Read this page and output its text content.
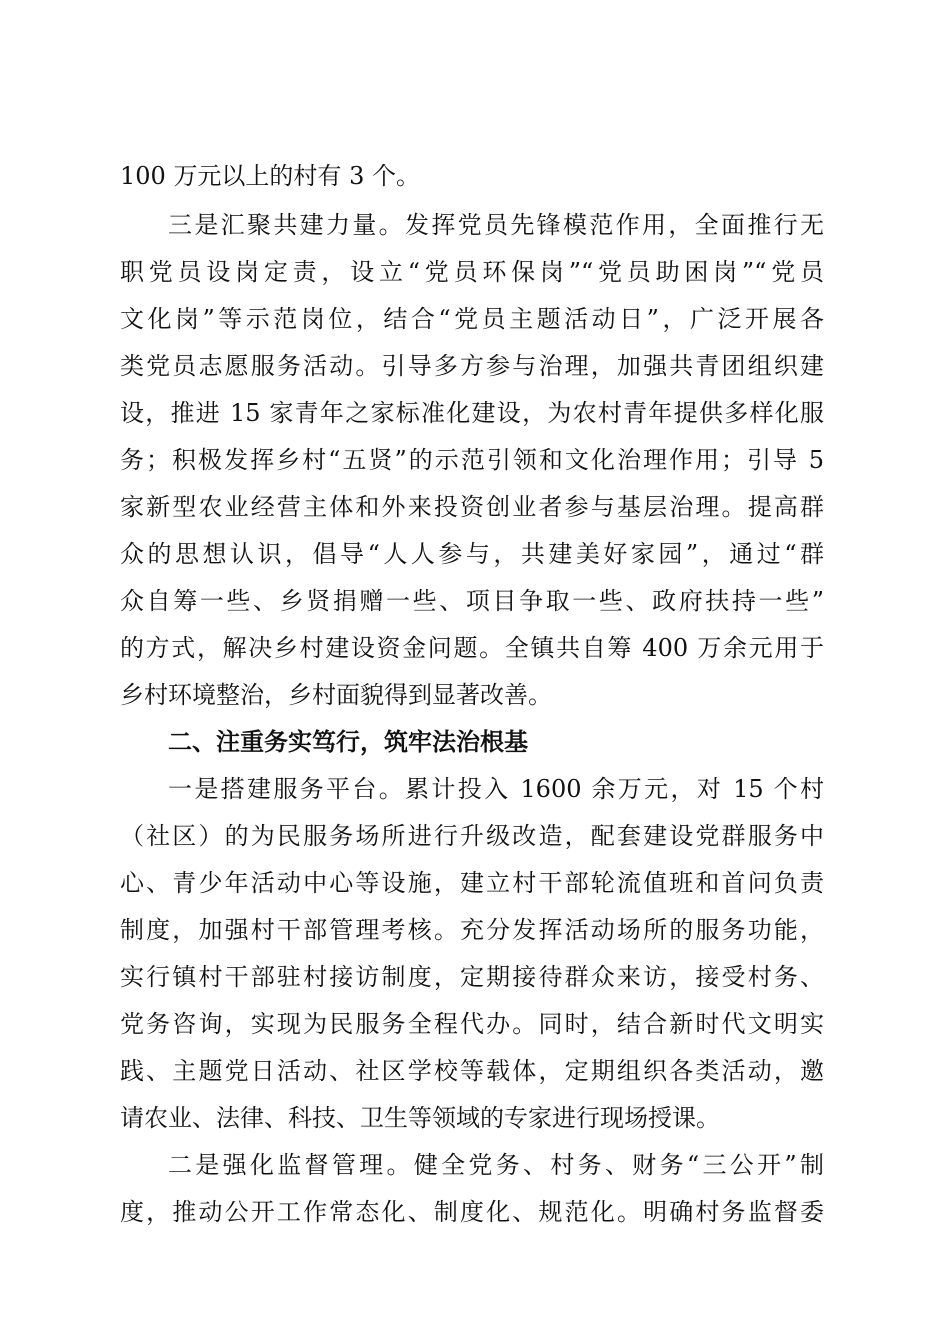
100 万元以上的村有 3 个。
三是汇聚共建力量。发挥党员先锋模范作用，全面推行无
职党员设岗定责，设立“党员环保岗”“党员助困岗”“党员
文化岗”等示范岗位，结合“党员主题活动日”，广泛开展各
类党员志愿服务活动。引导多方参与治理，加强共青团组织建
设，推进 15 家青年之家标准化建设，为农村青年提供多样化服
务；积极发挥乡村“五贤”的示范引领和文化治理作用；引导 5
家新型农业经营主体和外来投资创业者参与基层治理。提高群
众的思想认识，倡导“人人参与，共建美好家园”，通过“群
众自筹一些、乡贤捐赠一些、项目争取一些、政府扶持一些”
的方式，解决乡村建设资金问题。全镇共自筹 400 万余元用于
乡村环境整治，乡村面貌得到显著改善。
二、注重务实笃行，筑牢法治根基
一是搭建服务平台。累计投入 1600 余万元，对 15 个村
（社区）的为民服务场所进行升级改造，配套建设党群服务中
心、青少年活动中心等设施，建立村干部轮流值班和首问负责
制度，加强村干部管理考核。充分发挥活动场所的服务功能，
实行镇村干部驻村接访制度，定期接待群众来访，接受村务、
党务咨询，实现为民服务全程代办。同时，结合新时代文明实
践、主题党日活动、社区学校等载体，定期组织各类活动，邀
请农业、法律、科技、卫生等领域的专家进行现场授课。
二是强化监督管理。健全党务、村务、财务“三公开”制
度，推动公开工作常态化、制度化、规范化。明确村务监督委
